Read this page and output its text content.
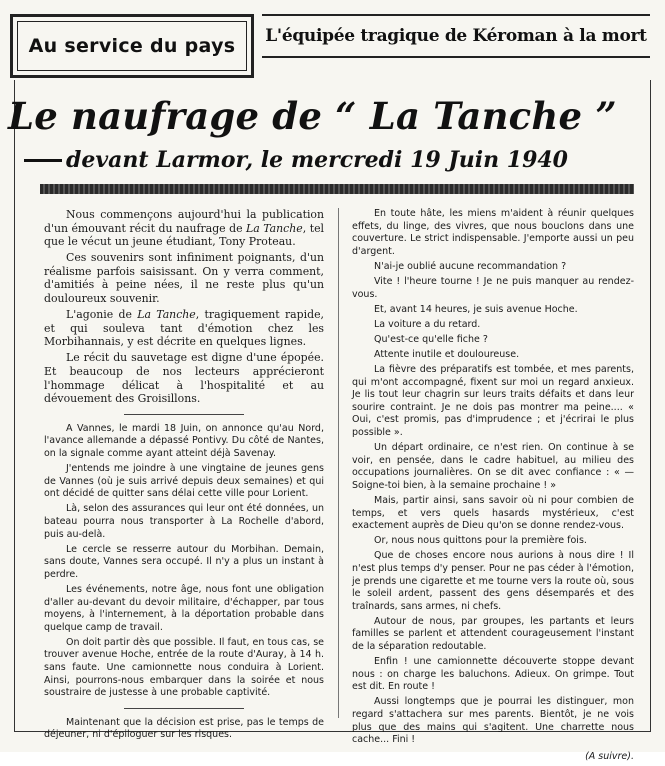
Au service du pays L'équipée tragique de Kéroman à la mort
Le naufrage de “ La Tanche ”
devant Larmor, le mercredi 19 Juin 1940

Nous commençons aujourd'hui la publication d'un émouvant récit du naufrage de La Tanche, tel que le vécut un jeune étudiant, Tony Proteau.

Ces souvenirs sont infiniment poignants, d'un réalisme parfois saisissant. On y verra comment, d'amitiés à peine nées, il ne reste plus qu'un douloureux souvenir.

L'agonie de La Tanche, tragiquement rapide, et qui souleva tant d'émotion chez les Morbihannais, y est décrite en quelques lignes.

Le récit du sauvetage est digne d'une épopée. Et beaucoup de nos lecteurs apprécieront l'hommage délicat à l'hospitalité et au dévouement des Groisillons.

A Vannes, le mardi 18 Juin, on annonce qu'au Nord, l'avance allemande a dépassé Pontivy. Du côté de Nantes, on la signale comme ayant atteint déjà Savenay.

J'entends me joindre à une vingtaine de jeunes gens de Vannes (où je suis arrivé depuis deux semaines) et qui ont décidé de quitter sans délai cette ville pour Lorient.

Là, selon des assurances qui leur ont été données, un bateau pourra nous transporter à La Rochelle d'abord, puis au-delà.

Le cercle se resserre autour du Morbihan. Demain, sans doute, Vannes sera occupé. Il n'y a plus un instant à perdre.

Les événements, notre âge, nous font une obligation d'aller au-devant du devoir militaire, d'échapper, par tous moyens, à l'internement, à la déportation probable dans quelque camp de travail.

On doit partir dès que possible. Il faut, en tous cas, se trouver avenue Hoche, entrée de la route d'Auray, à 14 h. sans faute. Une camionnette nous conduira à Lorient. Ainsi, pourrons-nous embarquer dans la soirée et nous soustraire de justesse à une probable captivité.

Maintenant que la décision est prise, pas le temps de déjeuner, ni d'épiloguer sur les risques.

En toute hâte, les miens m'aident à réunir quelques effets, du linge, des vivres, que nous bouclons dans une couverture. Le strict indispensable. J'emporte aussi un peu d'argent.

N'ai-je oublié aucune recommandation ?

Vite ! l'heure tourne ! Je ne puis manquer au rendez-vous.

Et, avant 14 heures, je suis avenue Hoche.

La voiture a du retard.

Qu'est-ce qu'elle fiche ?

Attente inutile et douloureuse.

La fièvre des préparatifs est tombée, et mes parents, qui m'ont accompagné, fixent sur moi un regard anxieux. Je lis tout leur chagrin sur leurs traits défaits et dans leur sourire contraint. Je ne dois pas montrer ma peine.... « Oui, c'est promis, pas d'imprudence ; et j'écrirai le plus possible ».

Un départ ordinaire, ce n'est rien. On continue à se voir, en pensée, dans le cadre habituel, au milieu des occupations journalières. On se dit avec confiance : « — Soigne-toi bien, à la semaine prochaine ! »

Mais, partir ainsi, sans savoir où ni pour combien de temps, et vers quels hasards mystérieux, c'est exactement auprès de Dieu qu'on se donne rendez-vous.

Or, nous nous quittons pour la première fois.

Que de choses encore nous aurions à nous dire ! Il n'est plus temps d'y penser. Pour ne pas céder à l'émotion, je prends une cigarette et me tourne vers la route où, sous le soleil ardent, passent des gens désemparés et des traînards, sans armes, ni chefs.

Autour de nous, par groupes, les partants et leurs familles se parlent et attendent courageusement l'instant de la séparation redoutable.

Enfin ! une camionnette découverte stoppe devant nous : on charge les baluchons. Adieux. On grimpe. Tout est dit. En route !

Aussi longtemps que je pourrai les distinguer, mon regard s'attachera sur mes parents. Bientôt, je ne vois plus que des mains qui s'agitent. Une charrette nous cache... Fini !

(A suivre).
